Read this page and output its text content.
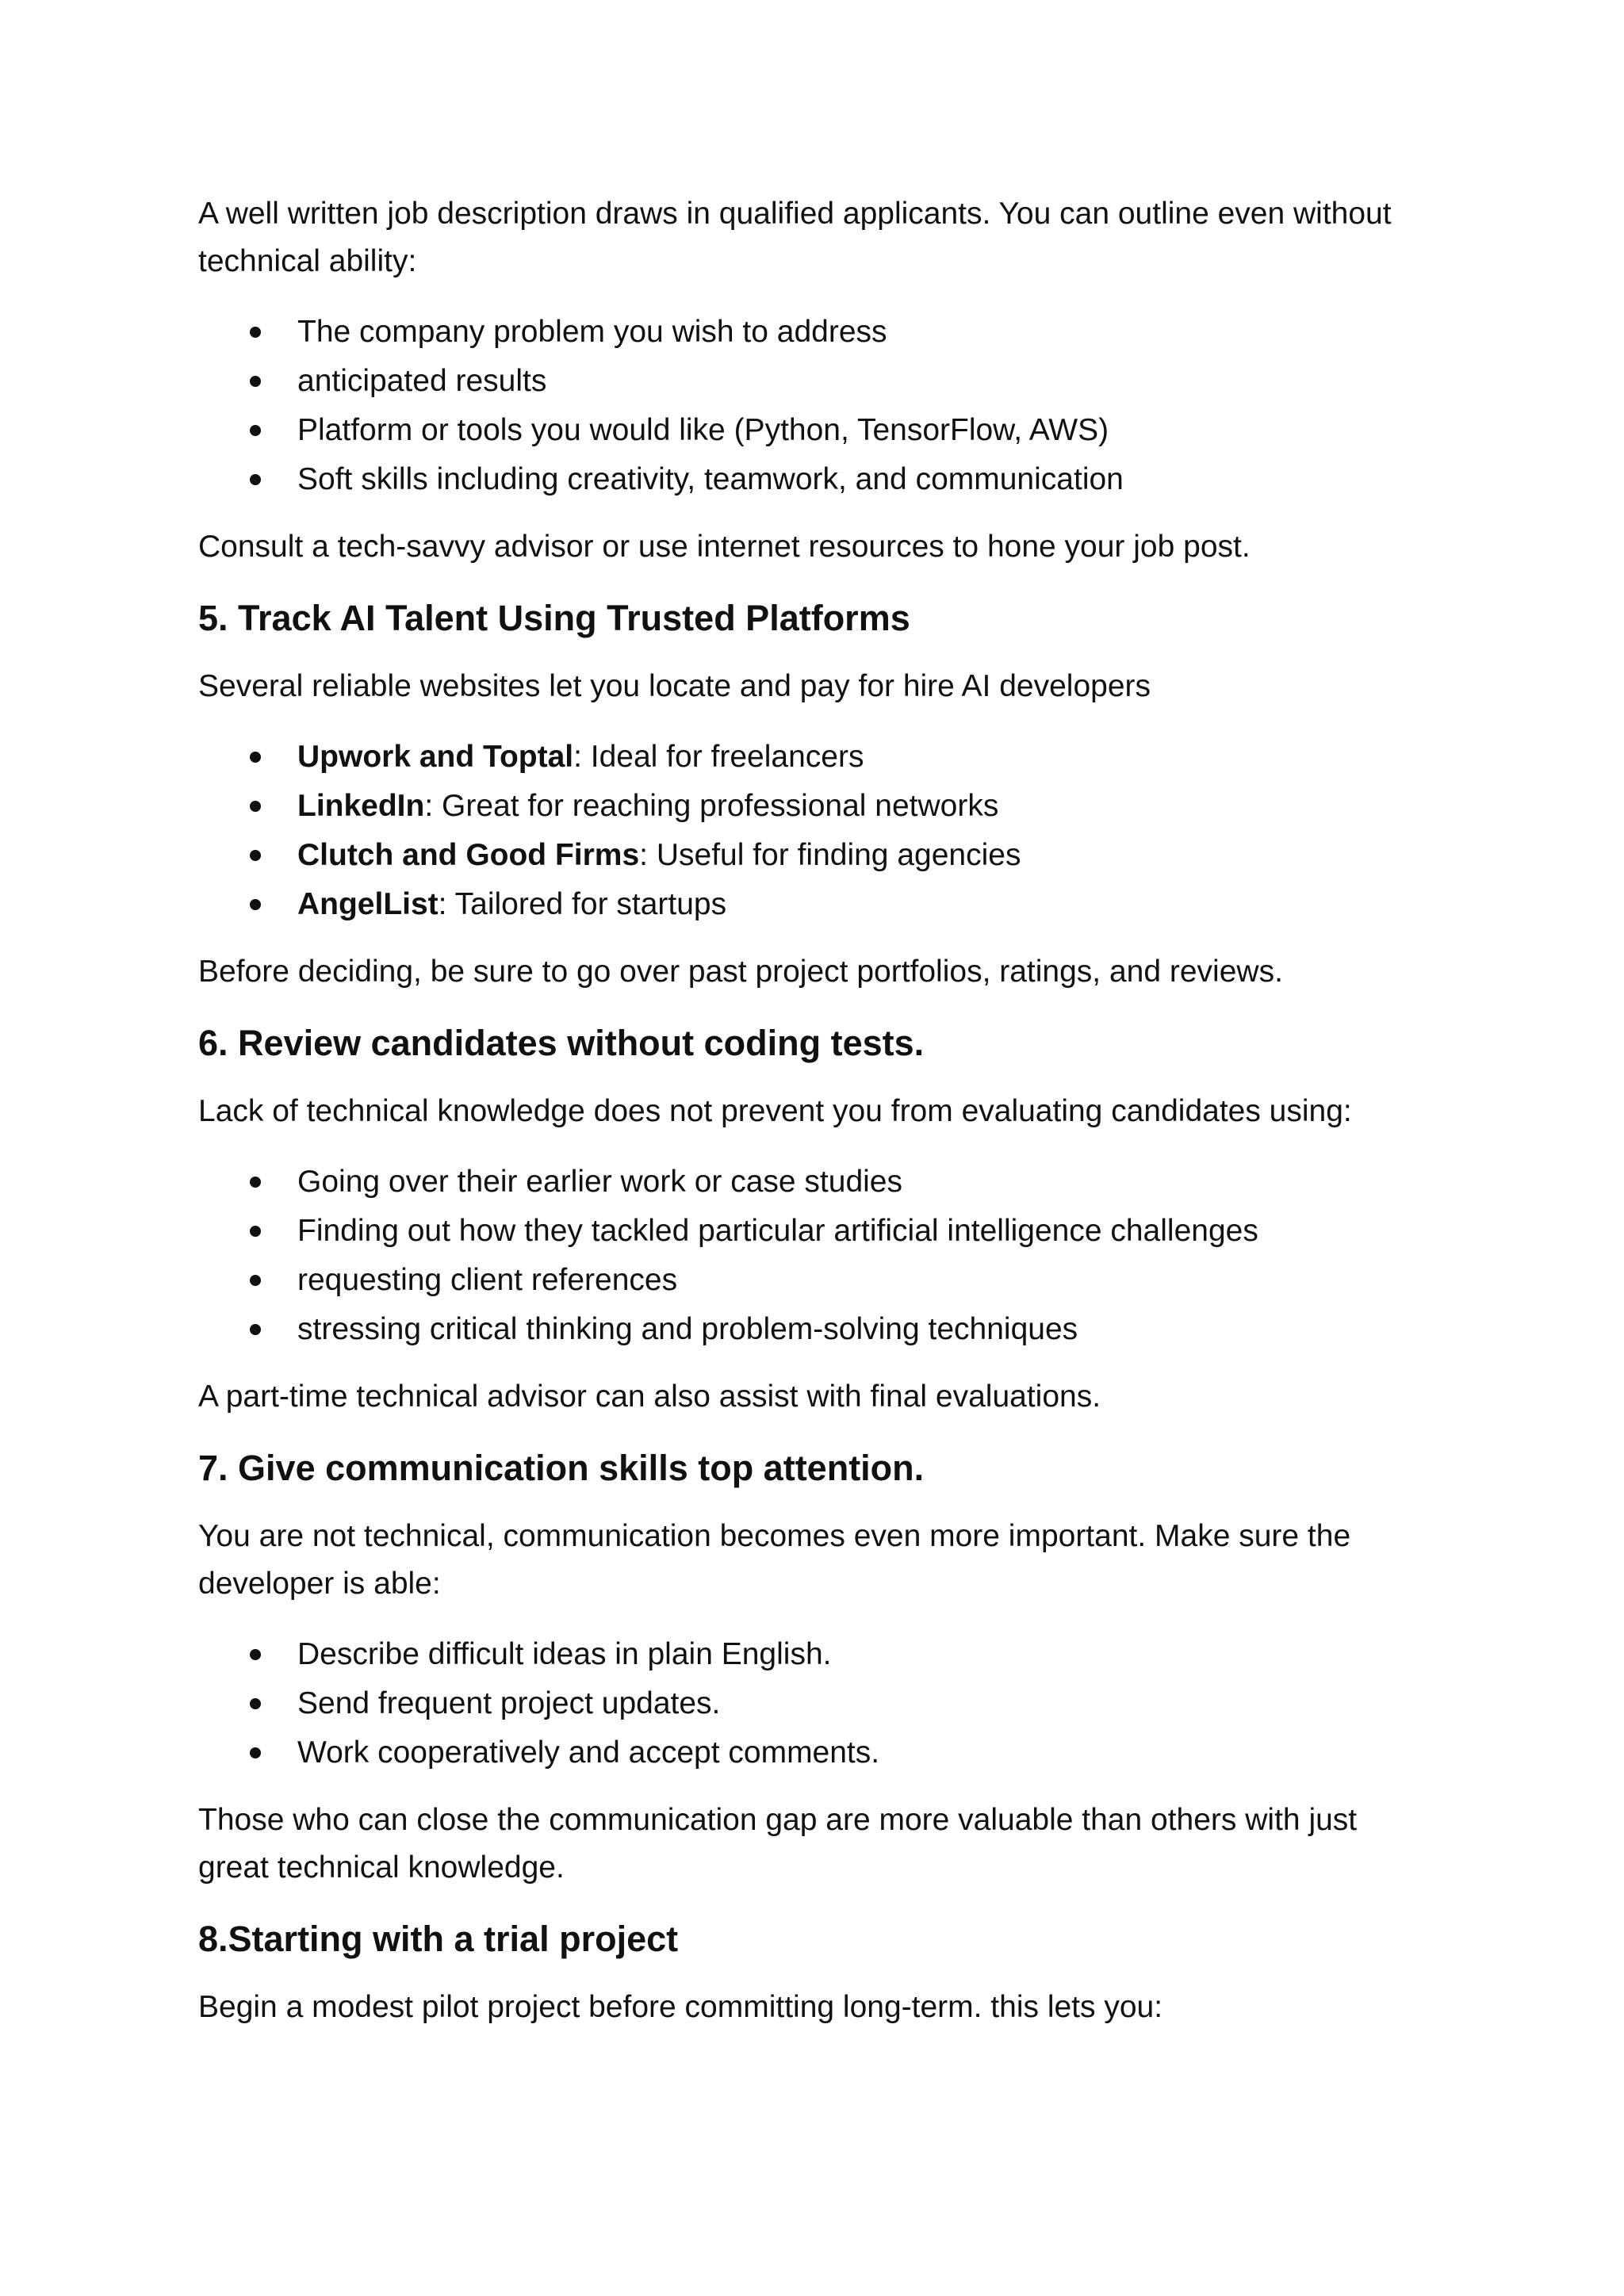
A well written job description draws in qualified applicants. You can outline even without technical ability:

The company problem you wish to address
anticipated results
Platform or tools you would like (Python, TensorFlow, AWS)
Soft skills including creativity, teamwork, and communication

Consult a tech-savvy advisor or use internet resources to hone your job post.

5. Track AI Talent Using Trusted Platforms

Several reliable websites let you locate and pay for hire AI developers

Upwork and Toptal: Ideal for freelancers
LinkedIn: Great for reaching professional networks
Clutch and Good Firms: Useful for finding agencies
AngelList: Tailored for startups

Before deciding, be sure to go over past project portfolios, ratings, and reviews.

6. Review candidates without coding tests.

Lack of technical knowledge does not prevent you from evaluating candidates using:

Going over their earlier work or case studies
Finding out how they tackled particular artificial intelligence challenges
requesting client references
stressing critical thinking and problem-solving techniques

A part-time technical advisor can also assist with final evaluations.

7. Give communication skills top attention.

You are not technical, communication becomes even more important. Make sure the developer is able:

Describe difficult ideas in plain English.
Send frequent project updates.
Work cooperatively and accept comments.

Those who can close the communication gap are more valuable than others with just great technical knowledge.

8.Starting with a trial project

Begin a modest pilot project before committing long-term. this lets you:
